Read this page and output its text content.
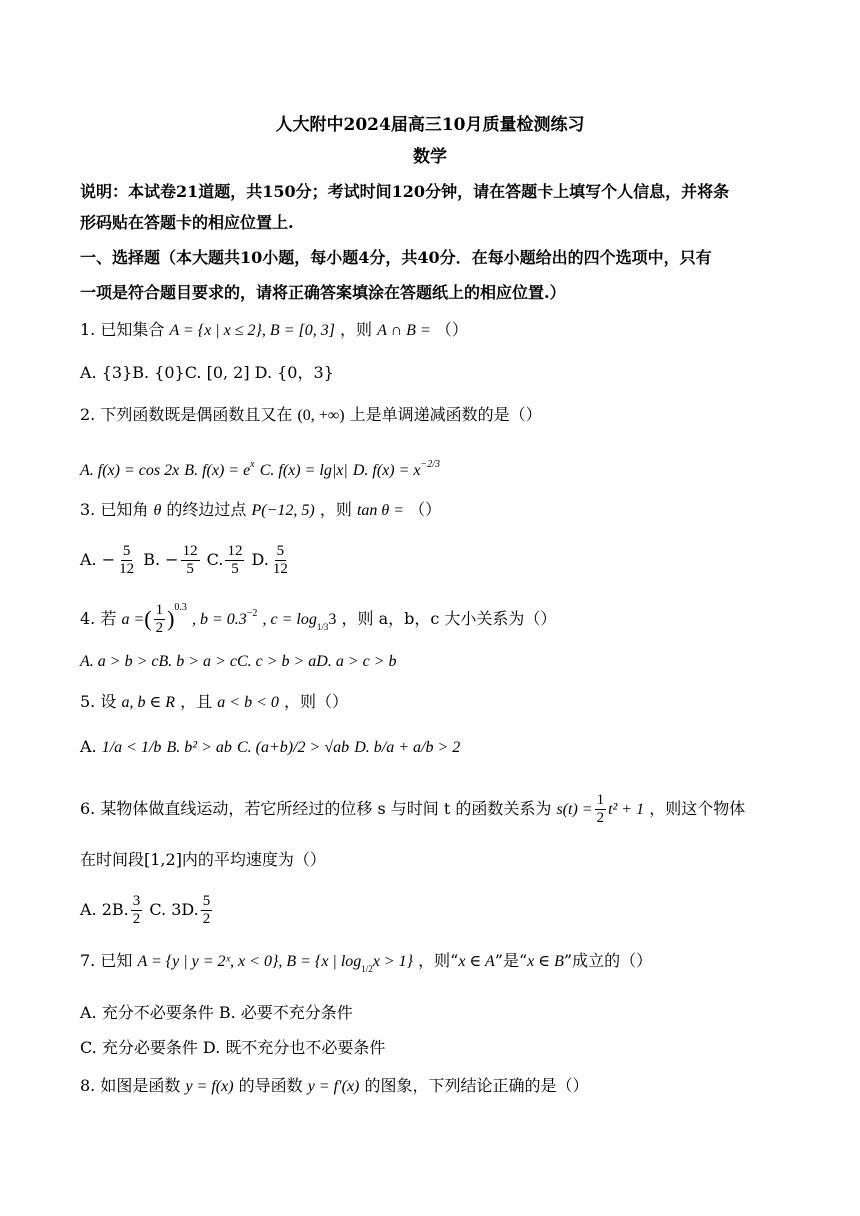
人大附中2024届高三10月质量检测练习
数学
说明：本试卷21道题，共150分；考试时间120分钟，请在答题卡上填写个人信息，并将条
形码贴在答题卡的相应位置上.
一、选择题（本大题共10小题，每小题4分，共40分．在每小题给出的四个选项中，只有
一项是符合题目要求的，请将正确答案填涂在答题纸上的相应位置.）
1. 已知集合 A = {x | x ≤ 2}, B = [0, 3] ，则 A ∩ B = （）
A. {3}B. {0}C. [0, 2] D. {0，3}
2. 下列函数既是偶函数且又在 (0, +∞) 上是单调递减函数的是（）
A. f(x) = cos 2x B. $f(x) = e^x$ C. f(x) = lg|x| D. $f(x) = x^{-2/3}$
3. 已知角 θ 的终边过点 P(−12, 5) ，则 tan θ = （）
A. − $\frac{5}{12} B$. − $\frac{12}{5} C$. $\frac{12}{5} D$. $\frac{5}{12}$
4. 若 a =( $\frac{1}{2} )^{0.3}$ , $b = 0.3^{-2}$ , $c = \log_{1/3}3$ ，则 a，b，c 大小关系为（）
A. a > b > cB. b > a > cC. c > b > aD. a > c > b
5. 设 a, b ∈ R ，且 a < b < 0 ，则（）
A. 1/a < 1/b B. b² > ab C. (a+b)/2 > √ab D. b/a + a/b > 2
6. 某物体做直线运动，若它所经过的位移 s 与时间 t 的函数关系为 $s(t) = \frac{1}{2} t^2 + 1$ ，则这个物体
在时间段[1,2]内的平均速度为（）
A. 2B. $\frac{3}{2} C$. 3D. $\frac{5}{2}$
7. 已知 A = {y | y = 2ˣ, x < 0}, B = {x | $\log_{1/2}x > 1$} ，则“x ∈ A”是“x ∈ B”成立的（）
A. 充分不必要条件 B. 必要不充分条件
C. 充分必要条件 D. 既不充分也不必要条件
8. 如图是函数 y = f(x) 的导函数 y = f′(x) 的图象，下列结论正确的是（）
